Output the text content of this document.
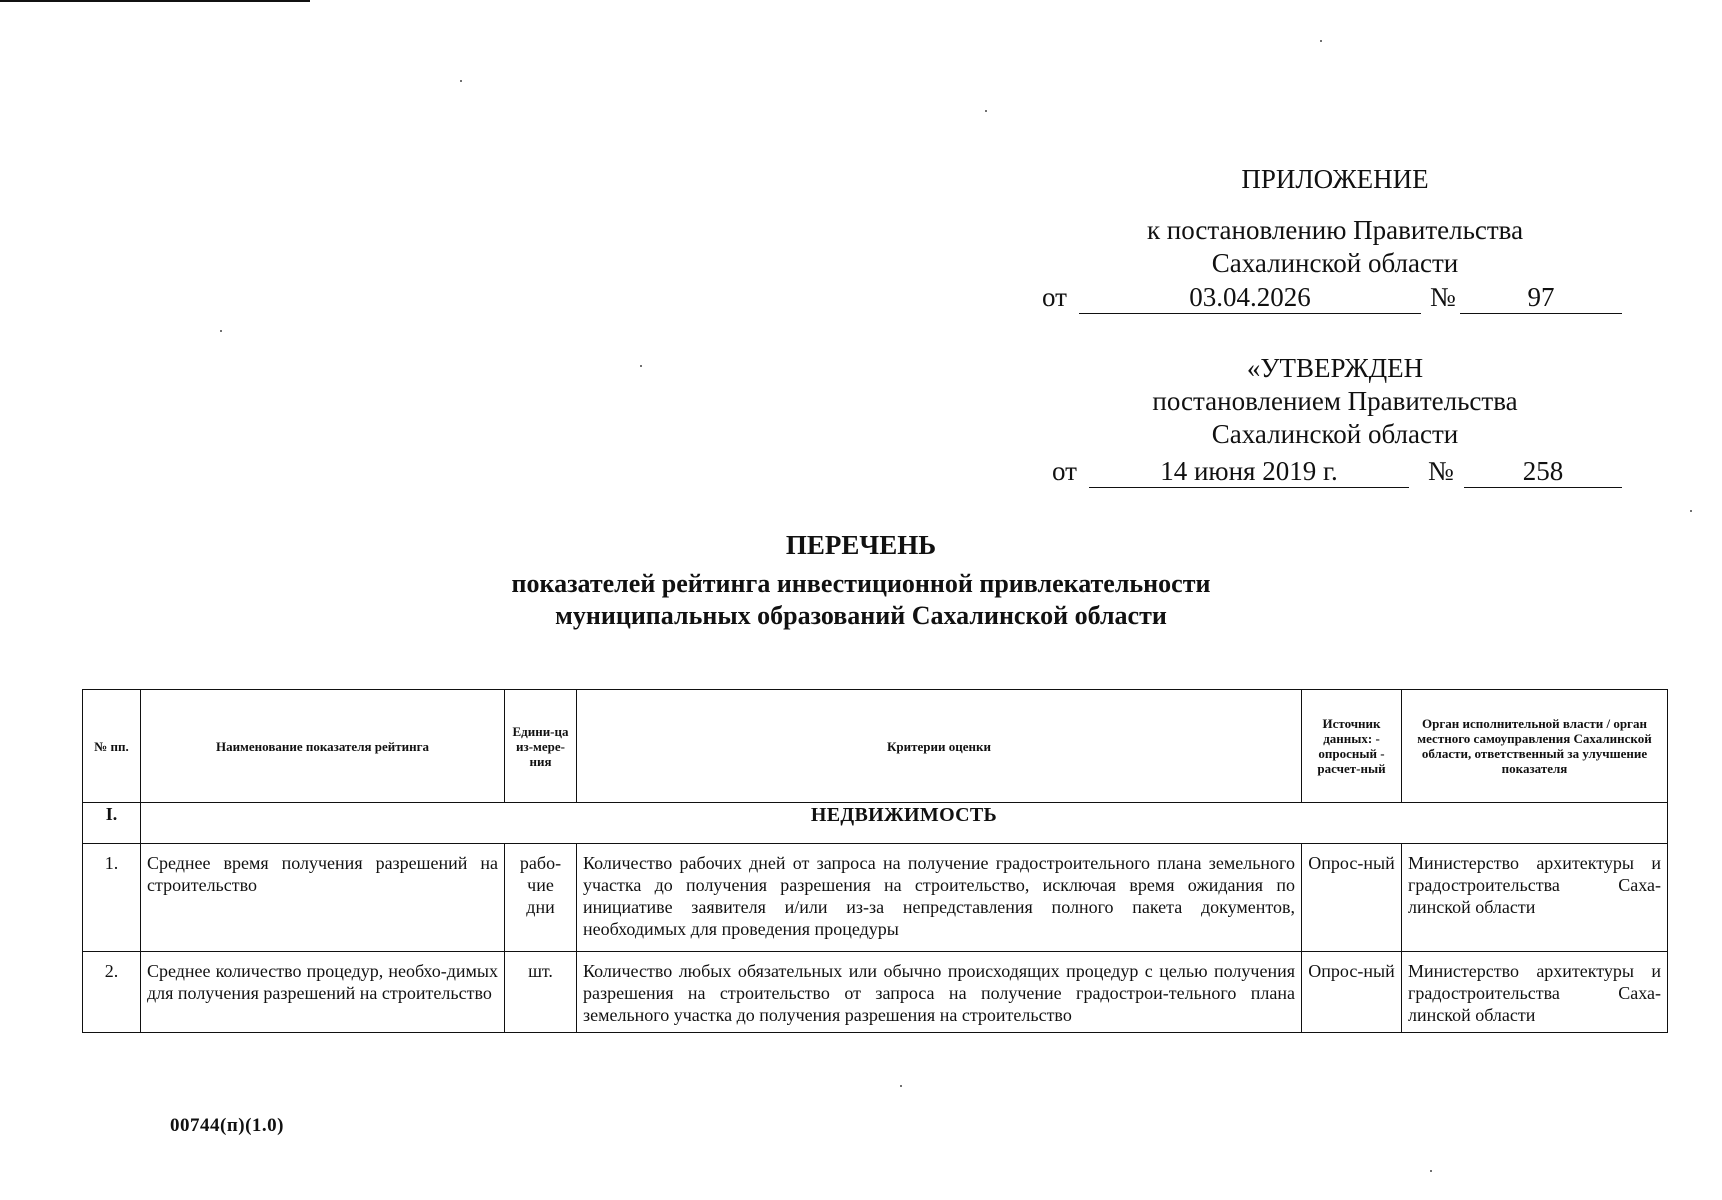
ПРИЛОЖЕНИЕ
к постановлению Правительства
Сахалинской области
от	03.04.2026	№	97
«УТВЕРЖДЕН
постановлением Правительства
Сахалинской области
от	14 июня 2019 г.	№	258
ПЕРЕЧЕНЬ
показателей рейтинга инвестиционной привлекательности
муниципальных образований Сахалинской области
№ пп.	Наименование показателя рейтинга	Едини-ца из-мере-ния	Критерии оценки	Источник данных: - опросный - расчет-ный	Орган исполнительной власти / орган местного самоуправления Сахалинской области, ответственный за улучшение показателя
I.	НЕДВИЖИМОСТЬ				
1.	Среднее время получения разрешений на строительство	рабо-чие дни	Количество рабочих дней от запроса на получение градостроительного плана земельного участка до получения разрешения на строительство, исключая время ожидания по инициативе заявителя и/или из-за непредставления полного пакета документов, необходимых для проведения процедуры	Опрос-ный	Министерство архитектуры и градостроительства Саха-линской области
2.	Среднее количество процедур, необхо-димых для получения разрешений на строительство	шт.	Количество любых обязательных или обычно происходящих процедур с целью получения разрешения на строительство от запроса на получение градострои-тельного плана земельного участка до получения разрешения на строительство	Опрос-ный	Министерство архитектуры и градостроительства Саха-линской области
00744(п)(1.0)
